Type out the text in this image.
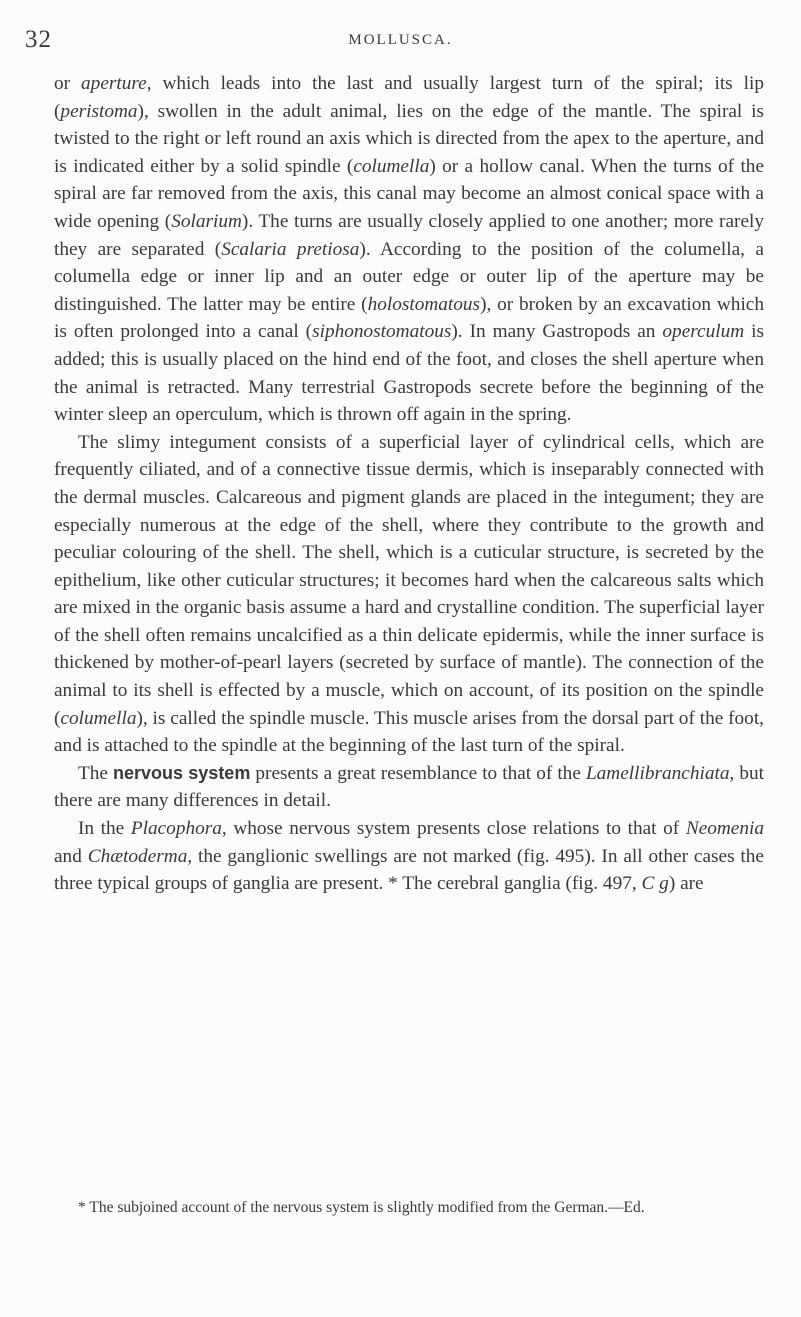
32	MOLLUSCA.

or aperture, which leads into the last and usually largest turn of the spiral; its lip (peristoma), swollen in the adult animal, lies on the edge of the mantle. The spiral is twisted to the right or left round an axis which is directed from the apex to the aperture, and is indicated either by a solid spindle (columella) or a hollow canal. When the turns of the spiral are far removed from the axis, this canal may become an almost conical space with a wide opening (Solarium). The turns are usually closely applied to one another; more rarely they are separated (Scalaria pretiosa). According to the position of the columella, a columella edge or inner lip and an outer edge or outer lip of the aperture may be distinguished. The latter may be entire (holostomatous), or broken by an excavation which is often prolonged into a canal (siphonostomatous). In many Gastropods an operculum is added; this is usually placed on the hind end of the foot, and closes the shell aperture when the animal is retracted. Many terrestrial Gastropods secrete before the beginning of the winter sleep an operculum, which is thrown off again in the spring.

The slimy integument consists of a superficial layer of cylindrical cells, which are frequently ciliated, and of a connective tissue dermis, which is inseparably connected with the dermal muscles. Calcareous and pigment glands are placed in the integument; they are especially numerous at the edge of the shell, where they contribute to the growth and peculiar colouring of the shell. The shell, which is a cuticular structure, is secreted by the epithelium, like other cuticular structures; it becomes hard when the calcareous salts which are mixed in the organic basis assume a hard and crystalline condition. The superficial layer of the shell often remains uncalcified as a thin delicate epidermis, while the inner surface is thickened by mother-of-pearl layers (secreted by surface of mantle). The connection of the animal to its shell is effected by a muscle, which on account, of its position on the spindle (columella), is called the spindle muscle. This muscle arises from the dorsal part of the foot, and is attached to the spindle at the beginning of the last turn of the spiral.

The nervous system presents a great resemblance to that of the Lamellibranchiata, but there are many differences in detail.

In the Placophora, whose nervous system presents close relations to that of Neomenia and Chætoderma, the ganglionic swellings are not marked (fig. 495). In all other cases the three typical groups of ganglia are present. * The cerebral ganglia (fig. 497, C g) are

* The subjoined account of the nervous system is slightly modified from the German.—Ed.
